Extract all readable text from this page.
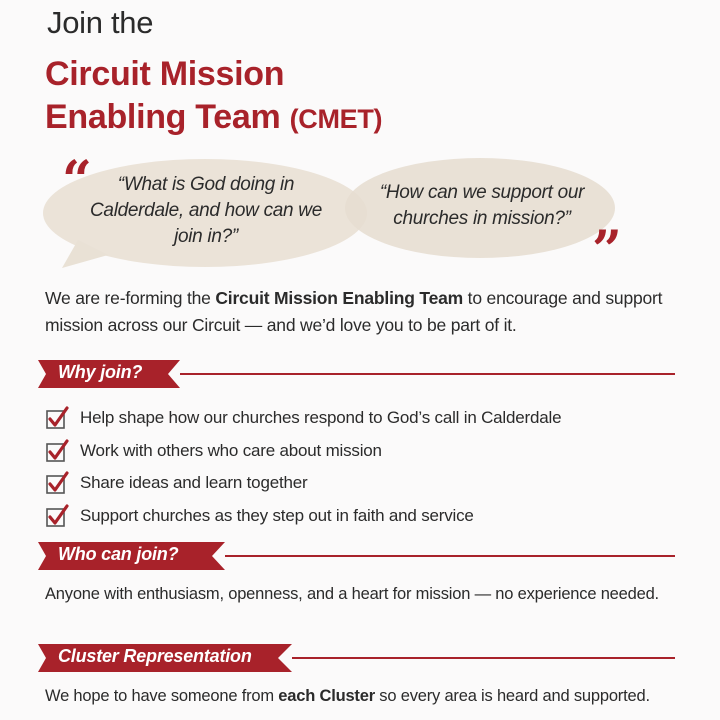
Join the
Circuit Mission
Enabling Team (CMET)
“
”
“What is God doing in Calderdale, and how can we join in?”
“How can we support our churches in mission?”
We are re-forming the Circuit Mission Enabling Team to encourage and support mission across our Circuit — and we’d love you to be part of it.
Why join?
Help shape how our churches respond to God’s call in Calderdale
Work with others who care about mission
Share ideas and learn together
Support churches as they step out in faith and service
Who can join?
Anyone with enthusiasm, openness, and a heart for mission — no experience needed.
Cluster Representation
We hope to have someone from each Cluster so every area is heard and supported.
